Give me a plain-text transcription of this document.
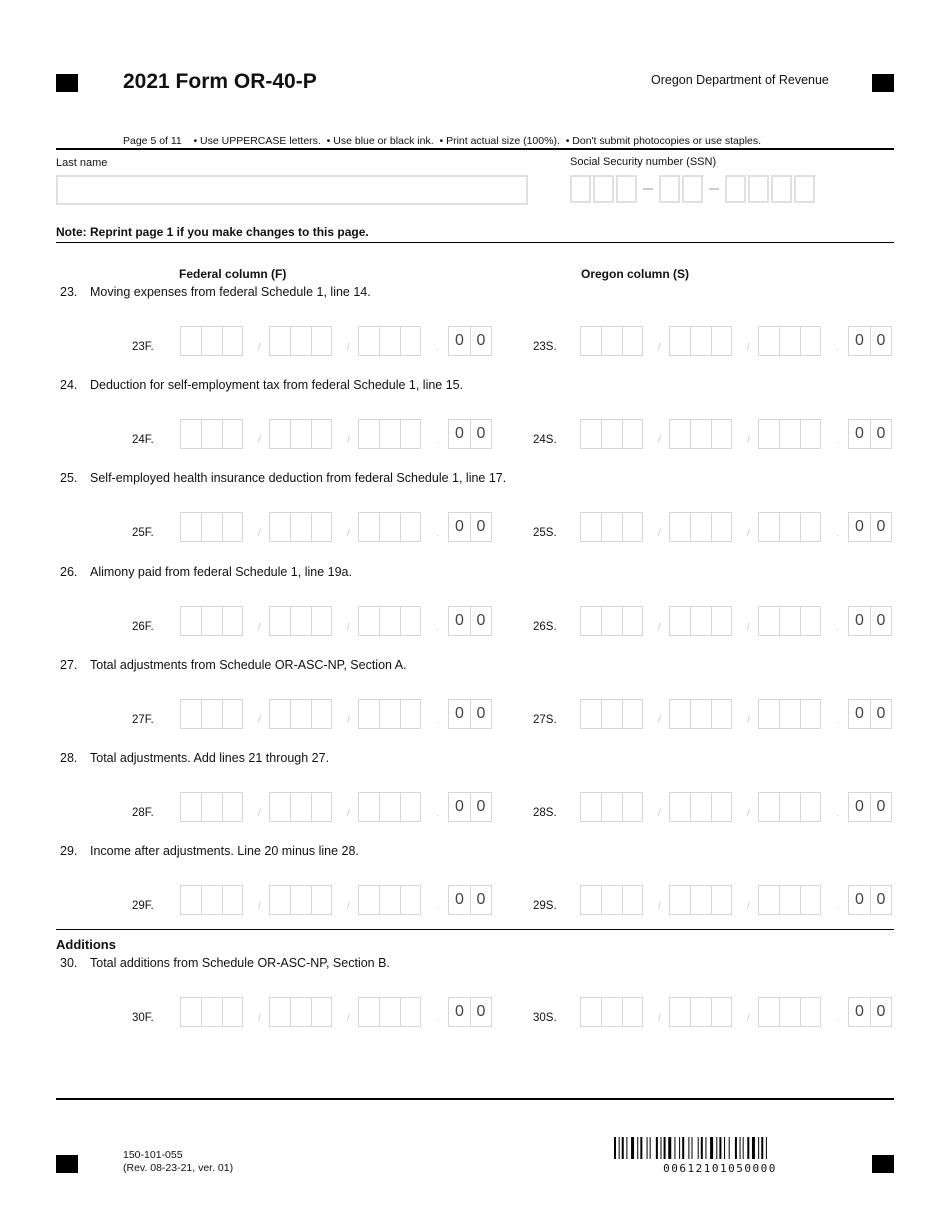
2021 Form OR-40-P	Oregon Department of Revenue
Page 5 of 11 • Use UPPERCASE letters.  • Use blue or black ink.  • Print actual size (100%).  • Don't submit photocopies or use staples.
Last name	Social Security number (SSN)
Note: Reprint page 1 if you make changes to this page.
Federal column (F)	Oregon column (S)
23. Moving expenses from federal Schedule 1, line 14.
23F.	/	/	.	0 0	23S.	/	/	.	0 0
24. Deduction for self-employment tax from federal Schedule 1, line 15.
24F.	/	/	.	0 0	24S.	/	/	.	0 0
25. Self-employed health insurance deduction from federal Schedule 1, line 17.
25F.	/	/	.	0 0	25S.	/	/	.	0 0
26. Alimony paid from federal Schedule 1, line 19a.
26F.	/	/	.	0 0	26S.	/	/	.	0 0
27. Total adjustments from Schedule OR-ASC-NP, Section A.
27F.	/	/	.	0 0	27S.	/	/	.	0 0
28. Total adjustments. Add lines 21 through 27.
28F.	/	/	.	0 0	28S.	/	/	.	0 0
29. Income after adjustments. Line 20 minus line 28.
29F.	/	/	.	0 0	29S.	/	/	.	0 0
30. Total additions from Schedule OR-ASC-NP, Section B.
30F.	/	/	.	0 0	30S.	/	/	.	0 0
Additions
150-101-055
(Rev. 08-23-21, ver. 01)	00612101050000
